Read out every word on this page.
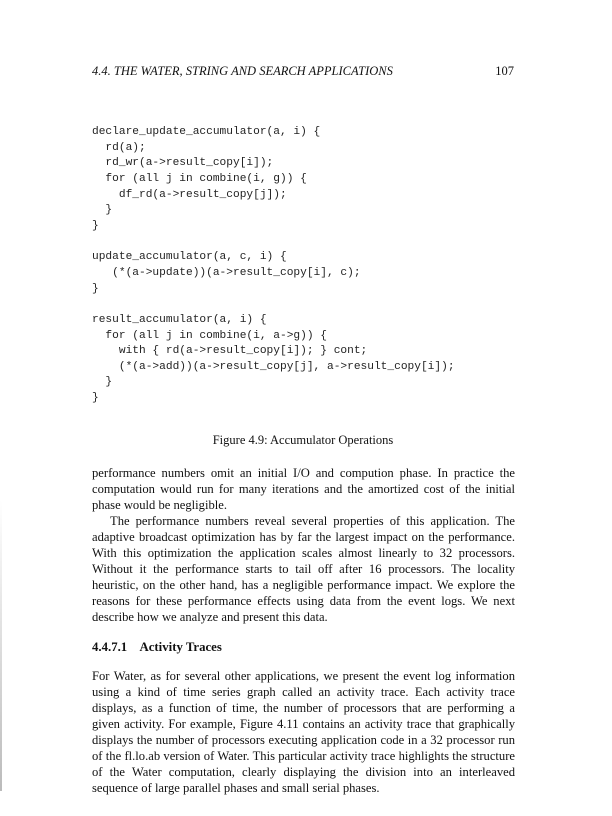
4.4. THE WATER, STRING AND SEARCH APPLICATIONS	107
declare_update_accumulator(a, i) {
rd(a);
rd_wr(a->result_copy[i]);
for (all j in combine(i, g)) {
df_rd(a->result_copy[j]);
}
}
update_accumulator(a, c, i) {
(*(a->update))(a->result_copy[i], c);
}
result_accumulator(a, i) {
for (all j in combine(i, a->g)) {
with { rd(a->result_copy[i]); } cont;
(*(a->add))(a->result_copy[j], a->result_copy[i]);
}
}
Figure 4.9: Accumulator Operations

performance numbers omit an initial I/O and compution phase. In practice the computation would run for many iterations and the amortized cost of the initial phase would be negligible.

The performance numbers reveal several properties of this application. The adaptive broadcast optimization has by far the largest impact on the performance. With this optimization the application scales almost linearly to 32 processors. Without it the performance starts to tail off after 16 processors. The locality heuristic, on the other hand, has a negligible performance impact. We explore the reasons for these performance effects using data from the event logs. We next describe how we analyze and present this data.

4.4.7.1 Activity Traces

For Water, as for several other applications, we present the event log information using a kind of time series graph called an activity trace. Each activity trace displays, as a function of time, the number of processors that are performing a given activity. For example, Figure 4.11 contains an activity trace that graphically displays the number of processors executing application code in a 32 processor run of the fl.lo.ab version of Water. This particular activity trace highlights the structure of the Water computation, clearly displaying the division into an interleaved sequence of large parallel phases and small serial phases.
